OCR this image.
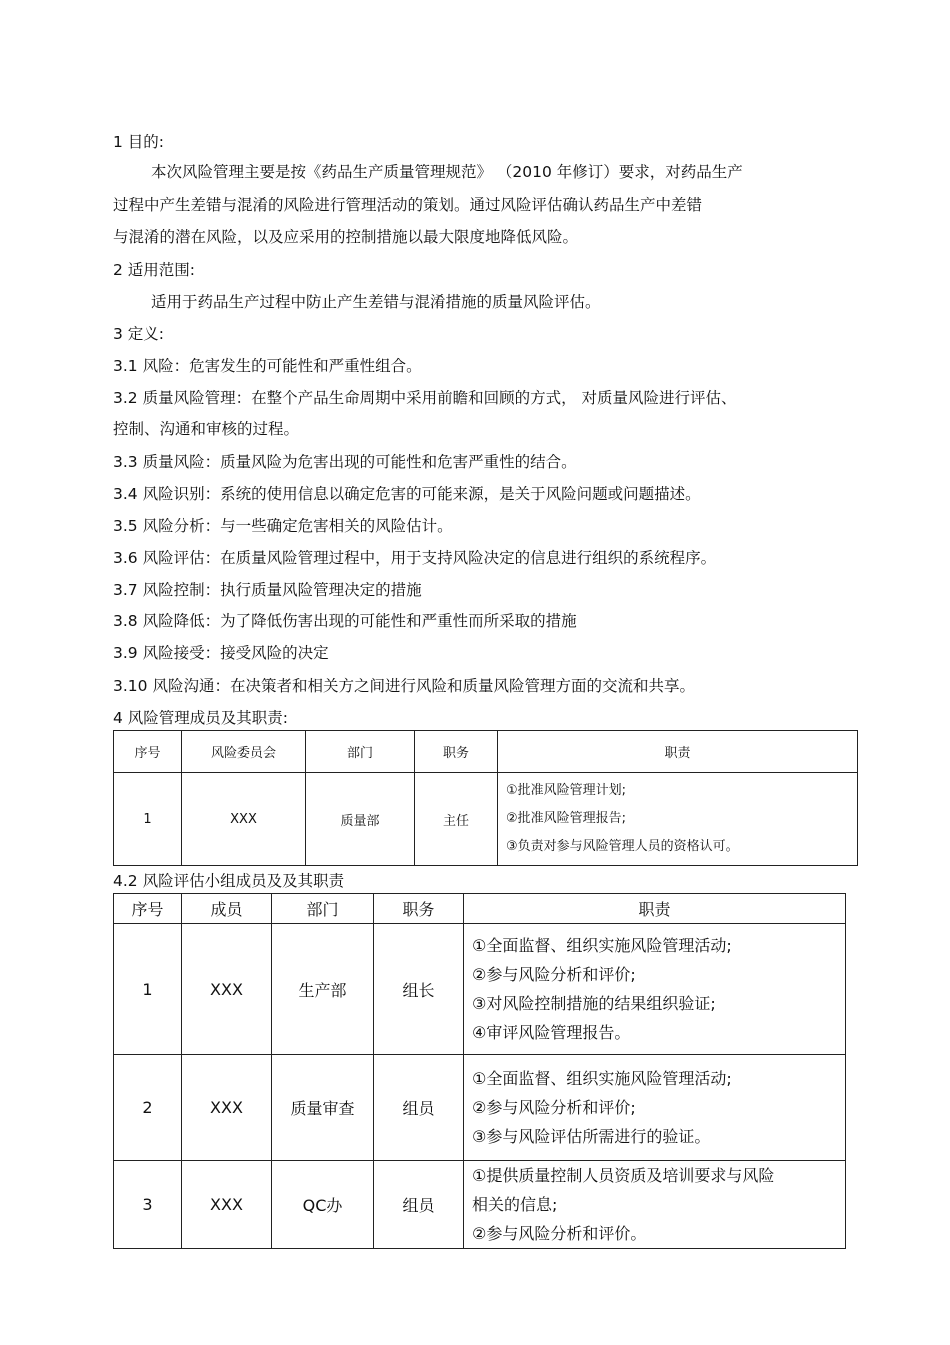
1 目的:
本次风险管理主要是按《药品生产质量管理规范》 （2010 年修订）要求，对药品生产
过程中产生差错与混淆的风险进行管理活动的策划。通过风险评估确认药品生产中差错
与混淆的潜在风险，以及应采用的控制措施以最大限度地降低风险。
2 适用范围:
适用于药品生产过程中防止产生差错与混淆措施的质量风险评估。
3 定义:
3.1 风险：危害发生的可能性和严重性组合。
3.2 质量风险管理：在整个产品生命周期中采用前瞻和回顾的方式， 对质量风险进行评估、
控制、沟通和审核的过程。
3.3 质量风险：质量风险为危害出现的可能性和危害严重性的结合。
3.4 风险识别：系统的使用信息以确定危害的可能来源，是关于风险问题或问题描述。
3.5 风险分析：与一些确定危害相关的风险估计。
3.6 风险评估：在质量风险管理过程中，用于支持风险决定的信息进行组织的系统程序。
3.7 风险控制：执行质量风险管理决定的措施
3.8 风险降低：为了降低伤害出现的可能性和严重性而所采取的措施
3.9 风险接受：接受风险的决定
3.10 风险沟通：在决策者和相关方之间进行风险和质量风险管理方面的交流和共享。
4 风险管理成员及其职责:
序号	风险委员会	部门	职务	职责
1	XXX	质量部	主任	①批准风险管理计划;
②批准风险管理报告;
③负责对参与风险管理人员的资格认可。
4.2 风险评估小组成员及及其职责
序号	成员	部门	职务	职责
1	XXX	生产部	组长	①全面监督、组织实施风险管理活动;
②参与风险分析和评价;
③对风险控制措施的结果组织验证;
④审评风险管理报告。

2	XXX	质量审查	组员	①全面监督、组织实施风险管理活动;
②参与风险分析和评价;
③参与风险评估所需进行的验证。

3	XXX	QC办	组员	①提供质量控制人员资质及培训要求与风险
相关的信息;
②参与风险分析和评价。
